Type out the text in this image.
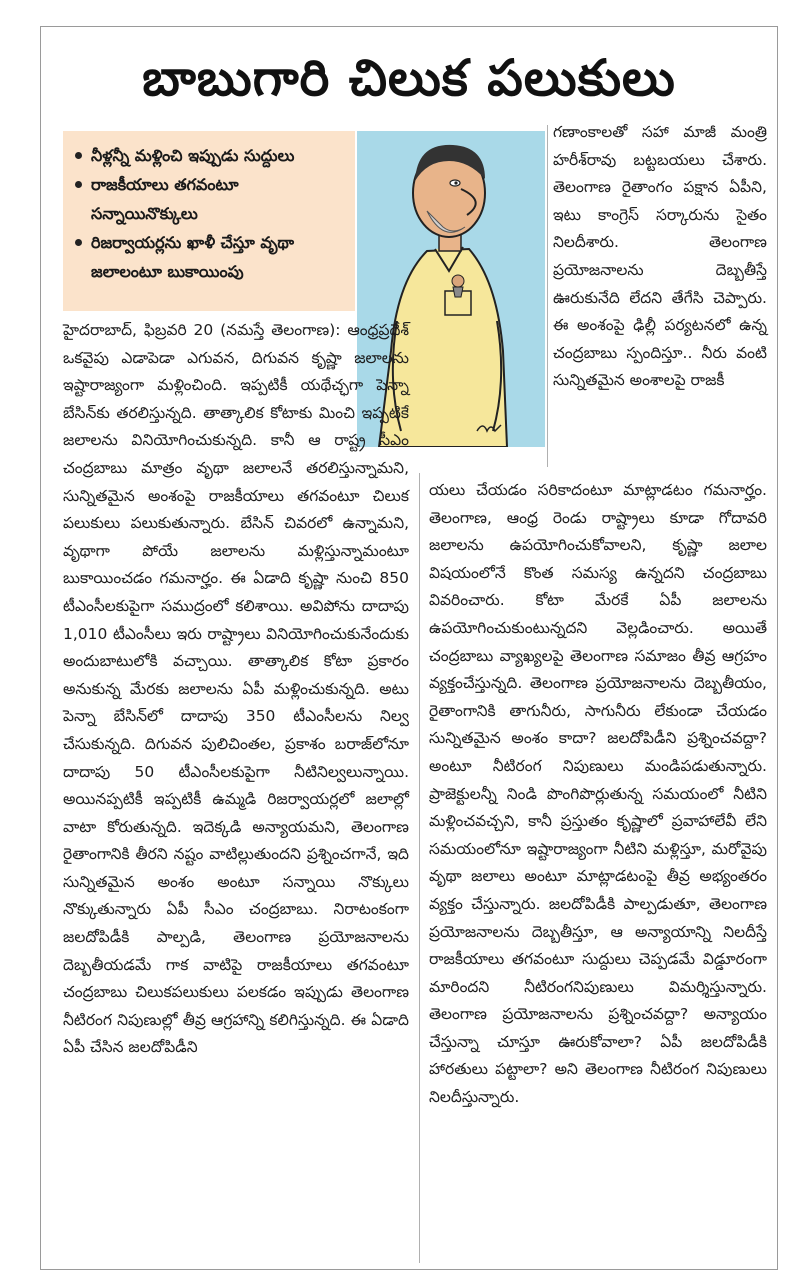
బాబుగారి చిలుక పలుకులు
నీళ్లన్నీ మళ్లించి ఇప్పుడు సుద్దులు
రాజకీయాలు తగవంటూ సన్నాయినొక్కులు
రిజర్వాయర్లను ఖాళీ చేస్తూ వృథా జలాలంటూ బుకాయింపు

హైదరాబాద్, ఫిబ్రవరి 20 (నమస్తే తెలంగాణ): ఆంధ్రప్రదేశ్ ఒకవైపు ఎడాపెడా ఎగువన, దిగువన కృష్ణా జలాలను ఇష్టారాజ్యంగా మళ్లించింది. ఇప్పటికీ యథేచ్ఛగా పెన్నా బేసిన్‌కు తరలిస్తున్నది. తాత్కాలిక కోటాకు మించి ఇప్పటికే జలాలను వినియోగించుకున్నది. కానీ ఆ రాష్ట్ర సీఎం చంద్రబాబు మాత్రం వృథా జలాలనే తరలిస్తున్నామని, సున్నితమైన అంశంపై రాజకీయాలు తగవంటూ చిలుక పలుకులు పలుకుతున్నారు. బేసిన్ చివరలో ఉన్నామని, వృథాగా పోయే జలాలను మళ్లిస్తున్నామంటూ బుకాయించడం గమనార్హం. ఈ ఏడాది కృష్ణా నుంచి 850 టీఎంసీలకుపైగా సముద్రంలో కలిశాయి. అవిపోను దాదాపు 1,010 టీఎంసీలు ఇరు రాష్ట్రాలు వినియోగించుకునేందుకు అందుబాటులోకి వచ్చాయి. తాత్కాలిక కోటా ప్రకారం అనుకున్న మేరకు జలాలను ఏపీ మళ్లించుకున్నది. అటు పెన్నా బేసిన్‌లో దాదాపు 350 టీఎంసీలను నిల్వ చేసుకున్నది. దిగువన పులిచింతల, ప్రకాశం బరాజ్‌లోనూ దాదాపు 50 టీఎంసీలకుపైగా నీటినిల్వలున్నాయి. అయినప్పటికీ ఇప్పటికీ ఉమ్మడి రిజర్వాయర్లలో జలాల్లో వాటా కోరుతున్నది. ఇదెక్కడి అన్యాయమని, తెలంగాణ రైతాంగానికి తీరని నష్టం వాటిల్లుతుందని ప్రశ్నించగానే, ఇది సున్నితమైన అంశం అంటూ సన్నాయి నొక్కులు నొక్కుతున్నారు ఏపీ సీఎం చంద్రబాబు. నిరాటంకంగా జలదోపిడీకి పాల్పడి, తెలంగాణ ప్రయోజనాలను దెబ్బతీయడమే గాక వాటిపై రాజకీయాలు తగవంటూ చంద్రబాబు చిలుకపలుకులు పలకడం ఇప్పుడు తెలంగాణ నీటిరంగ నిపుణుల్లో తీవ్ర ఆగ్రహాన్ని కలిగిస్తున్నది. ఈ ఏడాది ఏపీ చేసిన జలదోపిడీని

గణాంకాలతో సహా మాజీ మంత్రి హరీశ్‌రావు బట్టబయలు చేశారు. తెలంగాణ రైతాంగం పక్షాన ఏపీని, ఇటు కాంగ్రెస్ సర్కారును సైతం నిలదీశారు. తెలంగాణ ప్రయోజనాలను దెబ్బతీస్తే ఊరుకునేది లేదని తేగేసి చెప్పారు. ఈ అంశంపై ఢిల్లీ పర్యటనలో ఉన్న చంద్రబాబు స్పందిస్తూ.. నీరు వంటి సున్నితమైన అంశాలపై రాజకీ

యలు చేయడం సరికాదంటూ మాట్లాడటం గమనార్హం. తెలంగాణ, ఆంధ్ర రెండు రాష్ట్రాలు కూడా గోదావరి జలాలను ఉపయోగించుకోవాలని, కృష్ణా జలాల విషయంలోనే కొంత సమస్య ఉన్నదని చంద్రబాబు వివరించారు. కోటా మేరకే ఏపీ జలాలను ఉపయోగించుకుంటున్నదని వెల్లడించారు. అయితే చంద్రబాబు వ్యాఖ్యలపై తెలంగాణ సమాజం తీవ్ర ఆగ్రహం వ్యక్తంచేస్తున్నది. తెలంగాణ ప్రయోజనాలను దెబ్బతీయం, రైతాంగానికి తాగునీరు, సాగునీరు లేకుండా చేయడం సున్నితమైన అంశం కాదా? జలదోపిడీని ప్రశ్నించవద్దా? అంటూ నీటిరంగ నిపుణులు మండిపడుతున్నారు. ప్రాజెక్టులన్నీ నిండి పొంగిపొర్లుతున్న సమయంలో నీటిని మళ్లించవచ్చని, కానీ ప్రస్తుతం కృష్ణాలో ప్రవాహాలేవీ లేని సమయంలోనూ ఇష్టారాజ్యంగా నీటిని మళ్లిస్తూ, మరోవైపు వృథా జలాలు అంటూ మాట్లాడటంపై తీవ్ర అభ్యంతరం వ్యక్తం చేస్తున్నారు. జలదోపిడీకి పాల్పడుతూ, తెలంగాణ ప్రయోజనాలను దెబ్బతీస్తూ, ఆ అన్యాయాన్ని నిలదీస్తే రాజకీయాలు తగవంటూ సుద్దులు చెప్పడమే విడ్డూరంగా మారిందని నీటిరంగనిపుణులు విమర్శిస్తున్నారు. తెలంగాణ ప్రయోజనాలను ప్రశ్నించవద్దా? అన్యాయం చేస్తున్నా చూస్తూ ఊరుకోవాలా? ఏపీ జలదోపిడీకి హారతులు పట్టాలా? అని తెలంగాణ నీటిరంగ నిపుణులు నిలదీస్తున్నారు.
